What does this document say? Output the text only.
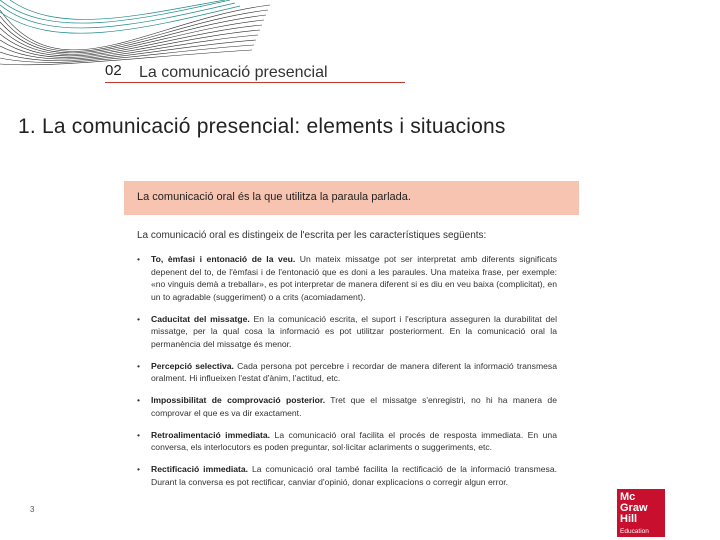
02 La comunicació presencial
1. La comunicació presencial: elements i situacions
La comunicació oral és la que utilitza la paraula parlada.
La comunicació oral es distingeix de l'escrita per les característiques següents:
• To, èmfasi i entonació de la veu. Un mateix missatge pot ser interpretat amb diferents significats depenent del to, de l'èmfasi i de l'entonació que es doni a les paraules. Una mateixa frase, per exemple: «no vinguis demà a treballar», es pot interpretar de manera diferent si es diu en veu baixa (complicitat), en un to agradable (suggeriment) o a crits (acomiadament).
• Caducitat del missatge. En la comunicació escrita, el suport i l'escriptura asseguren la durabilitat del missatge, per la qual cosa la informació es pot utilitzar posteriorment. En la comunicació oral la permanència del missatge és menor.
• Percepció selectiva. Cada persona pot percebre i recordar de manera diferent la informació transmesa oralment. Hi influeixen l'estat d'ànim, l'actitud, etc.
• Impossibilitat de comprovació posterior. Tret que el missatge s'enregistri, no hi ha manera de comprovar el que es va dir exactament.
• Retroalimentació immediata. La comunicació oral facilita el procés de resposta immediata. En una conversa, els interlocutors es poden preguntar, sol·licitar aclariments o suggeriments, etc.
• Rectificació immediata. La comunicació oral també facilita la rectificació de la informació transmesa. Durant la conversa es pot rectificar, canviar d'opinió, donar explicacions o corregir algun error.
3
Mc
Graw
Hill
Education
